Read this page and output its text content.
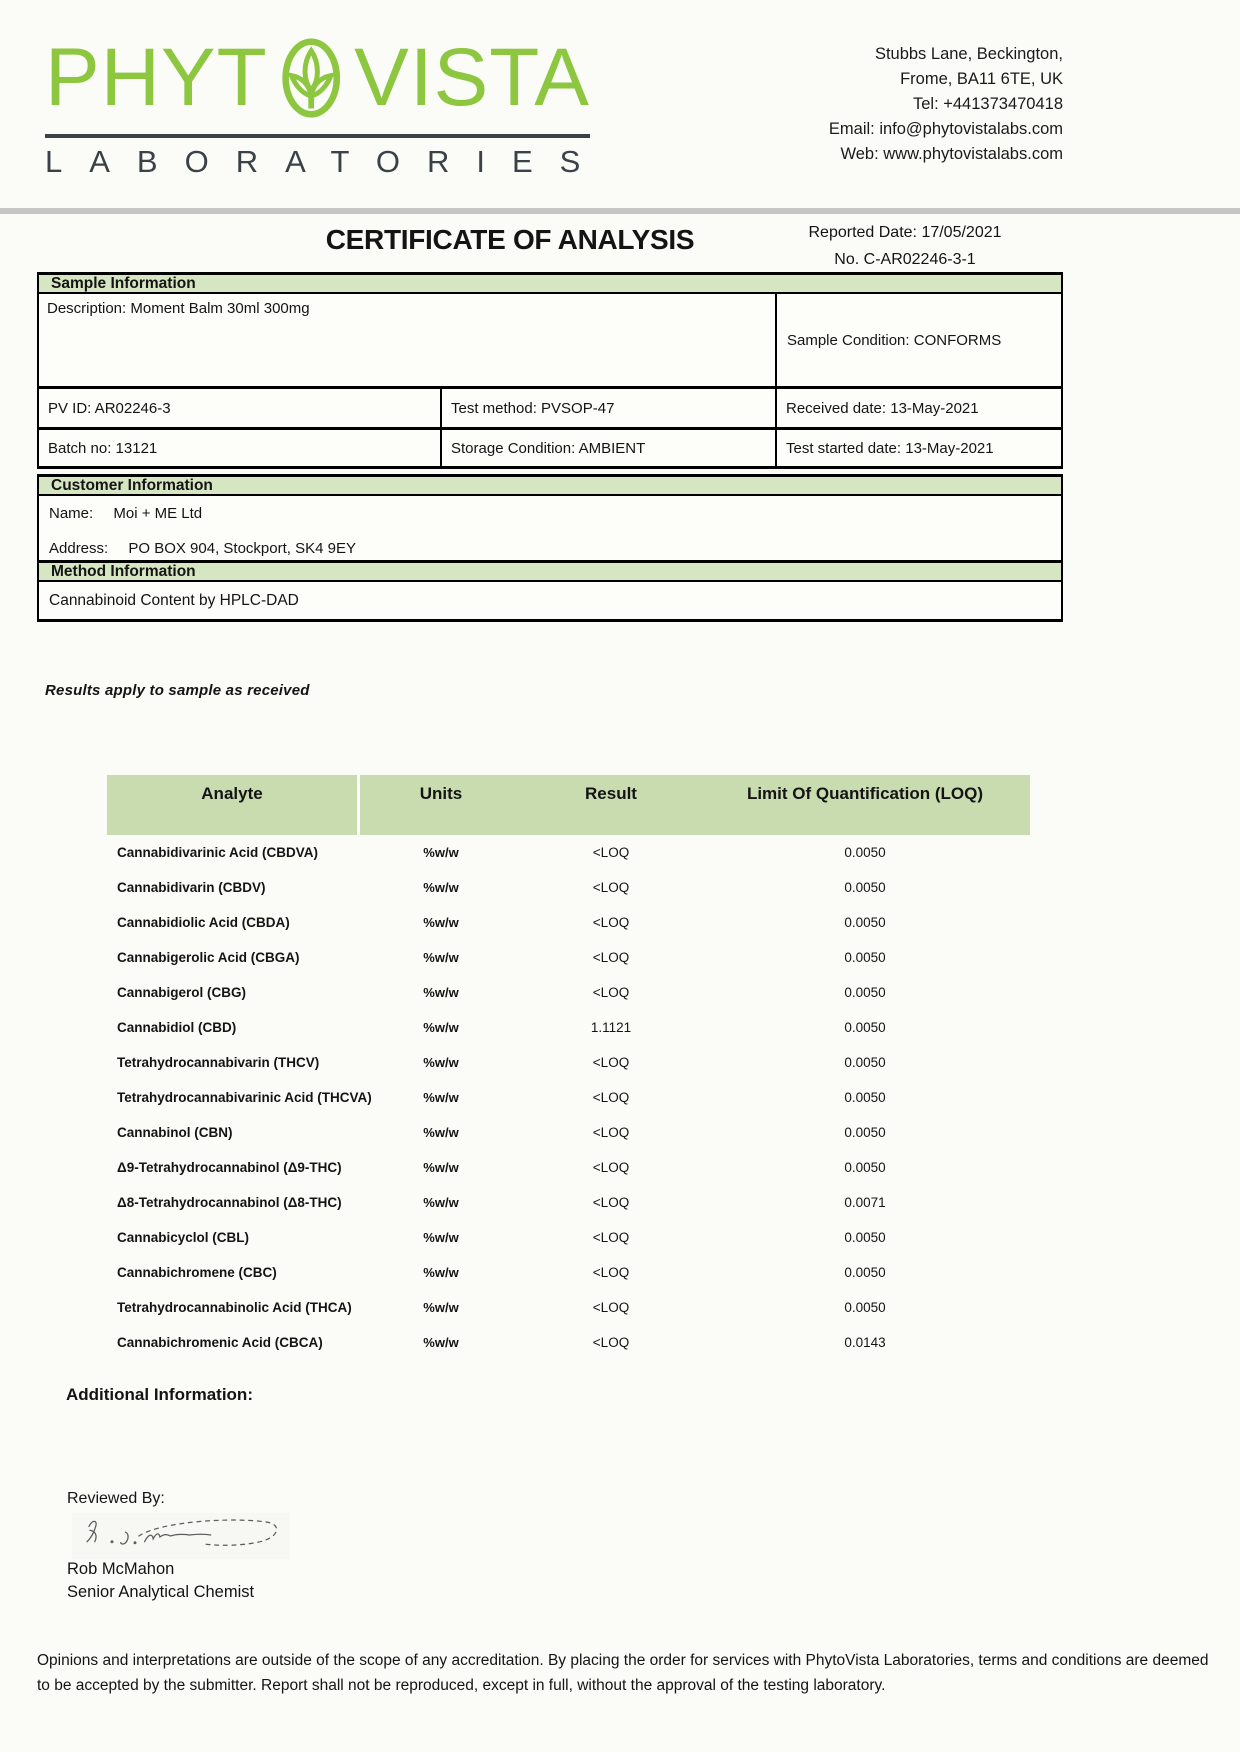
PHYT VISTA
LABORATORIES
Stubbs Lane, Beckington,
Frome, BA11 6TE, UK
Tel: +441373470418
Email: info@phytovistalabs.com
Web: www.phytovistalabs.com
Reported Date: 17/05/2021
No. C-AR02246-3-1
CERTIFICATE OF ANALYSIS
Sample Information
Description: Moment Balm 30ml 300mg
Sample Condition: CONFORMS
PV ID: AR02246-3	Test method: PVSOP-47	Received date: 13-May-2021
Batch no: 13121	Storage Condition: AMBIENT	Test started date: 13-May-2021
Customer Information
Name: Moi + ME Ltd
Address: PO BOX 904, Stockport, SK4 9EY
Method Information
Cannabinoid Content by HPLC-DAD
Results apply to sample as received
Analyte	Units	Result	Limit Of Quantification (LOQ)
Cannabidivarinic Acid (CBDVA)	%w/w	<LOQ	0.0050
Cannabidivarin (CBDV)	%w/w	<LOQ	0.0050
Cannabidiolic Acid (CBDA)	%w/w	<LOQ	0.0050
Cannabigerolic Acid (CBGA)	%w/w	<LOQ	0.0050
Cannabigerol (CBG)	%w/w	<LOQ	0.0050
Cannabidiol (CBD)	%w/w	1.1121	0.0050
Tetrahydrocannabivarin (THCV)	%w/w	<LOQ	0.0050
Tetrahydrocannabivarinic Acid (THCVA)	%w/w	<LOQ	0.0050
Cannabinol (CBN)	%w/w	<LOQ	0.0050
Δ9-Tetrahydrocannabinol (Δ9-THC)	%w/w	<LOQ	0.0050
Δ8-Tetrahydrocannabinol (Δ8-THC)	%w/w	<LOQ	0.0071
Cannabicyclol (CBL)	%w/w	<LOQ	0.0050
Cannabichromene (CBC)	%w/w	<LOQ	0.0050
Tetrahydrocannabinolic Acid (THCA)	%w/w	<LOQ	0.0050
Cannabichromenic Acid (CBCA)	%w/w	<LOQ	0.0143
Additional Information:
Reviewed By:
Rob McMahon
Senior Analytical Chemist
Opinions and interpretations are outside of the scope of any accreditation. By placing the order for services with PhytoVista Laboratories, terms and conditions are deemed to be accepted by the submitter. Report shall not be reproduced, except in full, without the approval of the testing laboratory.
